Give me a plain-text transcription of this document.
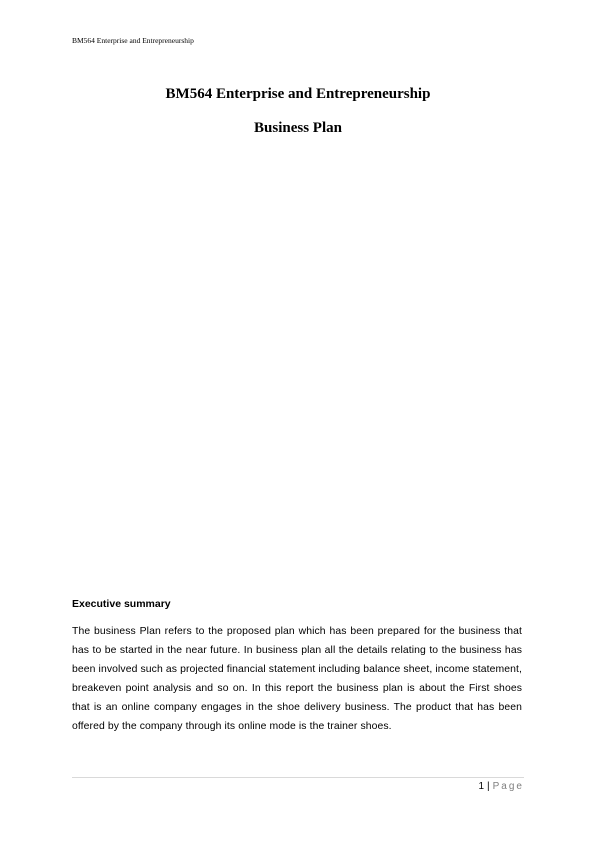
BM564 Enterprise and Entrepreneurship
BM564 Enterprise and Entrepreneurship
Business Plan
Executive summary
The business Plan refers to the proposed plan which has been prepared for the business that has to be started in the near future. In business plan all the details relating to the business has been involved such as projected financial statement including balance sheet, income statement, breakeven point analysis and so on. In this report the business plan is about the First shoes that is an online company engages in the shoe delivery business. The product that has been offered by the company through its online mode is the trainer shoes.
1 | Page
